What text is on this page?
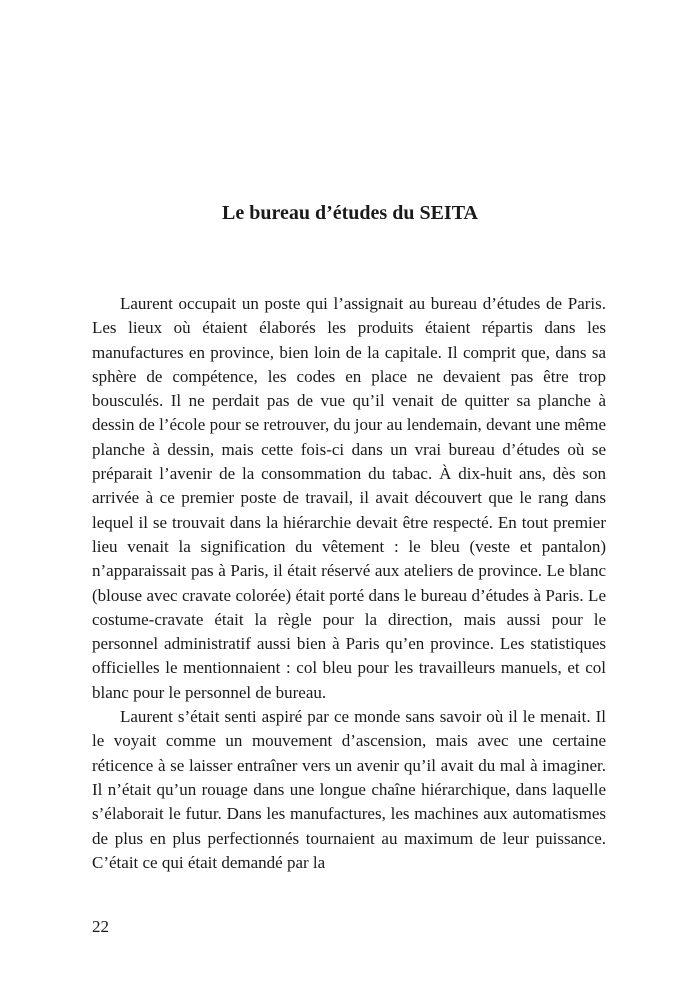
Le bureau d’études du SEITA

Laurent occupait un poste qui l’assignait au bureau d’études de Paris. Les lieux où étaient élaborés les produits étaient répartis dans les manufactures en province, bien loin de la capitale. Il comprit que, dans sa sphère de compétence, les codes en place ne devaient pas être trop bousculés. Il ne perdait pas de vue qu’il venait de quitter sa planche à dessin de l’école pour se retrouver, du jour au lendemain, devant une même planche à dessin, mais cette fois-ci dans un vrai bureau d’études où se préparait l’avenir de la consommation du tabac. À dix-huit ans, dès son arrivée à ce premier poste de travail, il avait découvert que le rang dans lequel il se trouvait dans la hiérarchie devait être respecté. En tout premier lieu venait la signification du vêtement : le bleu (veste et pantalon) n’apparaissait pas à Paris, il était réservé aux ateliers de province. Le blanc (blouse avec cravate colorée) était porté dans le bureau d’études à Paris. Le costume-cravate était la règle pour la direction, mais aussi pour le personnel administratif aussi bien à Paris qu’en province. Les statistiques officielles le mentionnaient : col bleu pour les travailleurs manuels, et col blanc pour le personnel de bureau.

Laurent s’était senti aspiré par ce monde sans savoir où il le menait. Il le voyait comme un mouvement d’ascension, mais avec une certaine réticence à se laisser entraîner vers un avenir qu’il avait du mal à imaginer. Il n’était qu’un rouage dans une longue chaîne hiérarchique, dans laquelle s’élaborait le futur. Dans les manufactures, les machines aux automatismes de plus en plus perfectionnés tournaient au maximum de leur puissance. C’était ce qui était demandé par la

22
